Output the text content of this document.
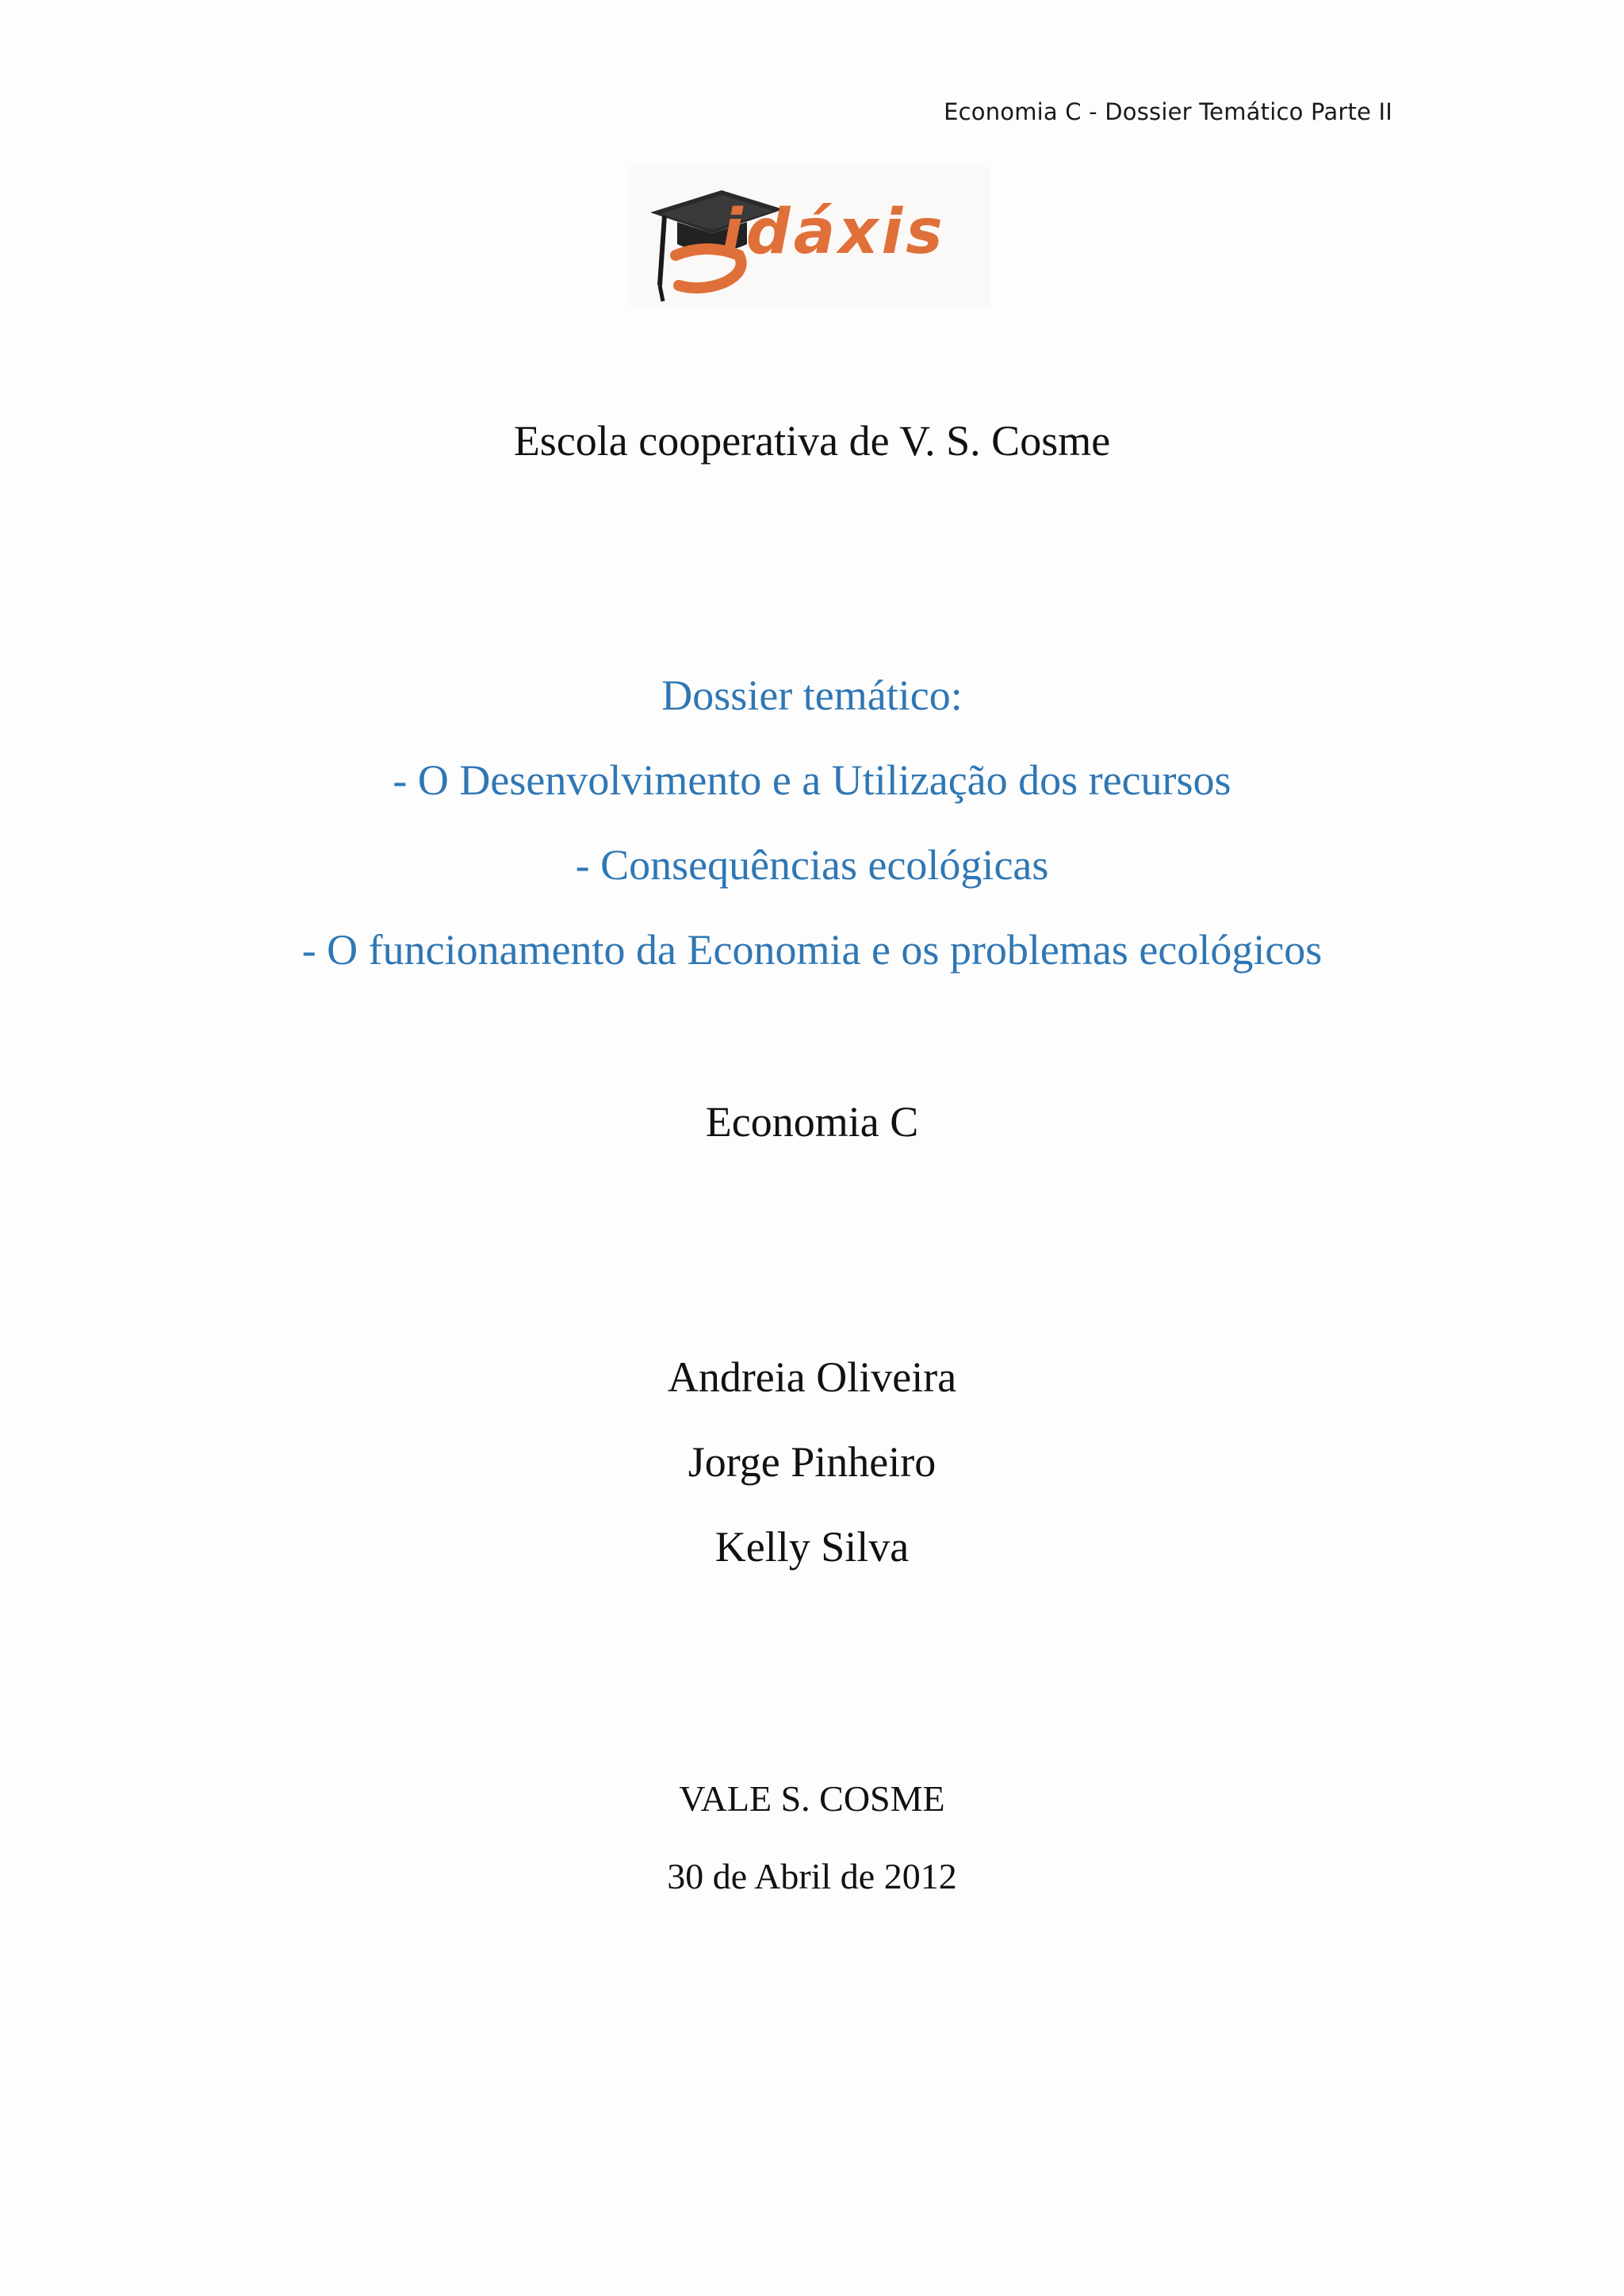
Economia C - Dossier Temático Parte II
idáxis
Escola cooperativa de V. S. Cosme
Dossier temático:
- O Desenvolvimento e a Utilização dos recursos
- Consequências ecológicas
- O funcionamento da Economia e os problemas ecológicos
Economia C
Andreia Oliveira
Jorge Pinheiro
Kelly Silva
VALE S. COSME
30 de Abril de 2012
